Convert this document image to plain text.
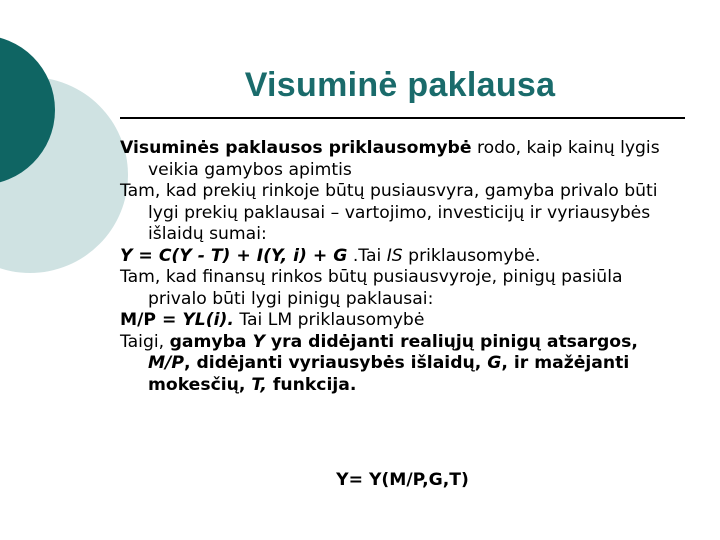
Visuminė paklausa

Visuminės paklausos priklausomybė rodo, kaip kainų lygis veikia gamybos apimtis

Tam, kad prekių rinkoje būtų pusiausvyra, gamyba privalo būti lygi prekių paklausai – vartojimo, investicijų ir vyriausybės išlaidų sumai:

Y = C(Y - T) + I(Y, i) + G .Tai IS priklausomybė.

Tam, kad finansų rinkos būtų pusiausvyroje, pinigų pasiūla privalo būti lygi pinigų paklausai:

M/P = YL(i). Tai LM priklausomybė

Taigi, gamyba Y yra didėjanti realiųjų pinigų atsargos, M/P, didėjanti vyriausybės išlaidų, G, ir mažėjanti mokesčių, T, funkcija.

Y= Y(M/P,G,T)
